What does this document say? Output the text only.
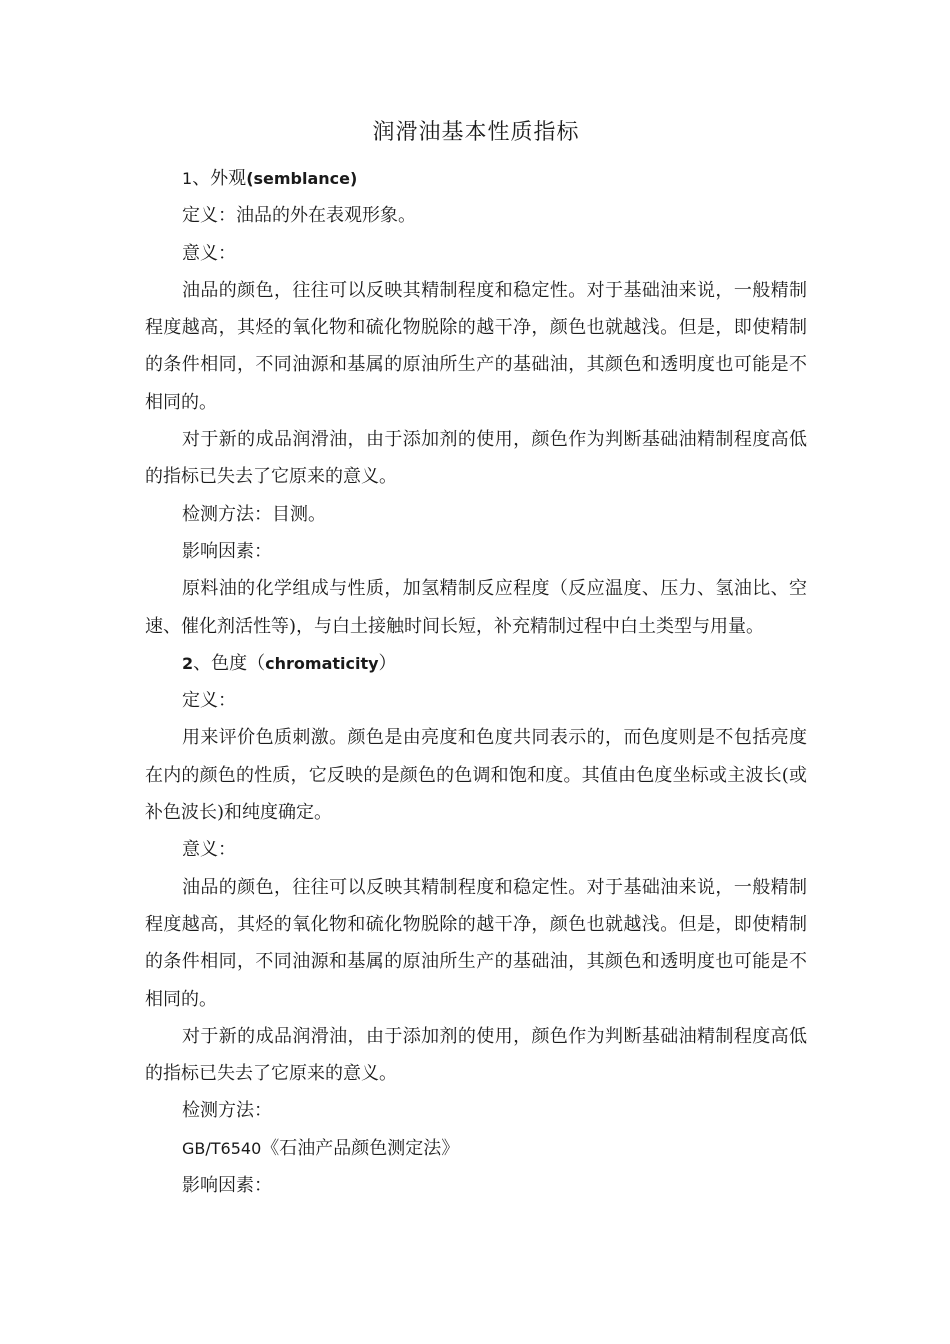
润滑油基本性质指标

1、外观(semblance)

定义：油品的外在表观形象。

意义：

油品的颜色，往往可以反映其精制程度和稳定性。对于基础油来说，一般精制程度越高，其烃的氧化物和硫化物脱除的越干净，颜色也就越浅。但是，即使精制的条件相同，不同油源和基属的原油所生产的基础油，其颜色和透明度也可能是不相同的。

对于新的成品润滑油，由于添加剂的使用，颜色作为判断基础油精制程度高低的指标已失去了它原来的意义。

检测方法：目测。

影响因素：

原料油的化学组成与性质，加氢精制反应程度（反应温度、压力、氢油比、空速、催化剂活性等)，与白土接触时间长短，补充精制过程中白土类型与用量。

2、色度（chromaticity）

定义：

用来评价色质刺激。颜色是由亮度和色度共同表示的，而色度则是不包括亮度在内的颜色的性质，它反映的是颜色的色调和饱和度。其值由色度坐标或主波长(或补色波长)和纯度确定。

意义：

油品的颜色，往往可以反映其精制程度和稳定性。对于基础油来说，一般精制程度越高，其烃的氧化物和硫化物脱除的越干净，颜色也就越浅。但是，即使精制的条件相同，不同油源和基属的原油所生产的基础油，其颜色和透明度也可能是不相同的。

对于新的成品润滑油，由于添加剂的使用，颜色作为判断基础油精制程度高低的指标已失去了它原来的意义。

检测方法：

GB/T6540《石油产品颜色测定法》

影响因素：
